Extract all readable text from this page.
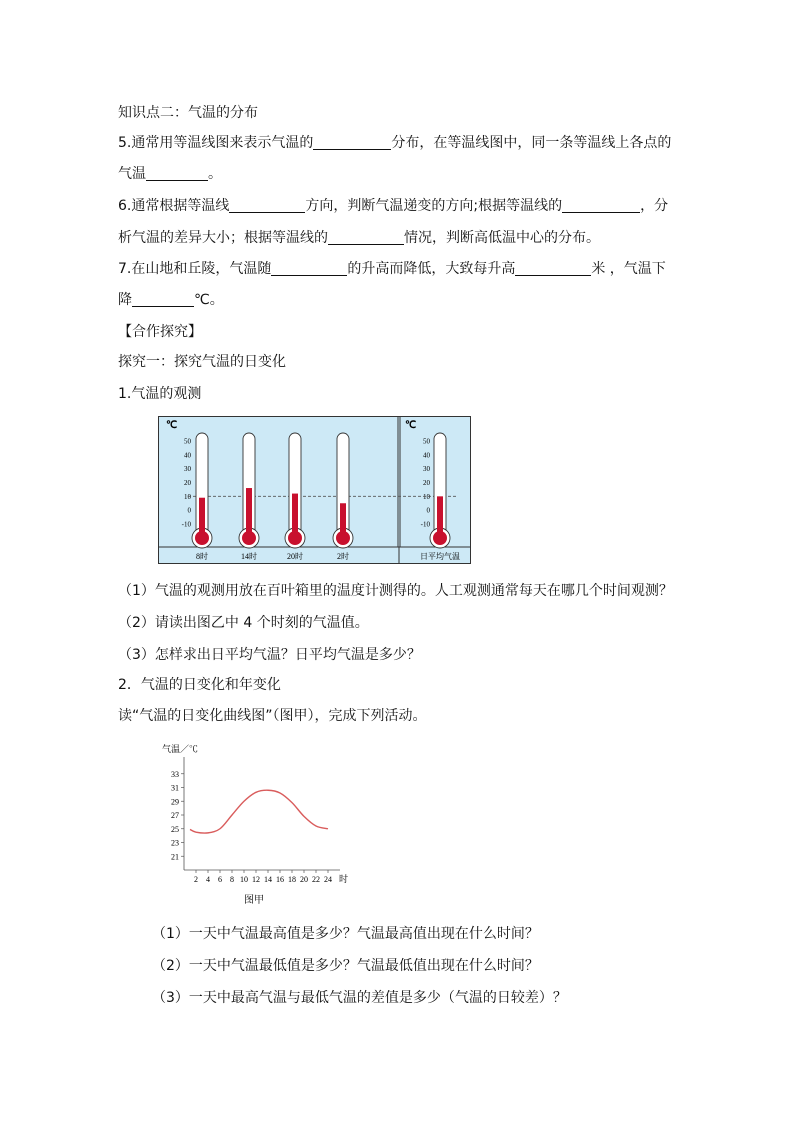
知识点二：气温的分布
5.通常用等温线图来表示气温的	分布，在等温线图中，同一条等温线上各点的
气温	。
6.通常根据等温线	方向，判断气温递变的方向;根据等温线的	，分
析气温的差异大小；根据等温线的	情况，判断高低温中心的分布。
7.在山地和丘陵，气温随	的升高而降低，大致每升高	米 ，气温下
降	℃。
【合作探究】
探究一：探究气温的日变化
1.气温的观测
℃	℃
50
40
30
20
10
0
-10
50
40
30
20
10
0
-10
8时	14时	20时	2时	日平均气温
（1）气温的观测用放在百叶箱里的温度计测得的。人工观测通常每天在哪几个时间观测？
（2）请读出图乙中 4 个时刻的气温值。
（3）怎样求出日平均气温？日平均气温是多少？
2．气温的日变化和年变化
读“气温的日变化曲线图”（图甲），完成下列活动。
气温／℃
21
23
25
27
29
31
33
2 4 6 8 10 12 14 16 18 20 22 24 时
图甲
（1）一天中气温最高值是多少？气温最高值出现在什么时间？
（2）一天中气温最低值是多少？气温最低值出现在什么时间？
（3）一天中最高气温与最低气温的差值是多少（气温的日较差）？
